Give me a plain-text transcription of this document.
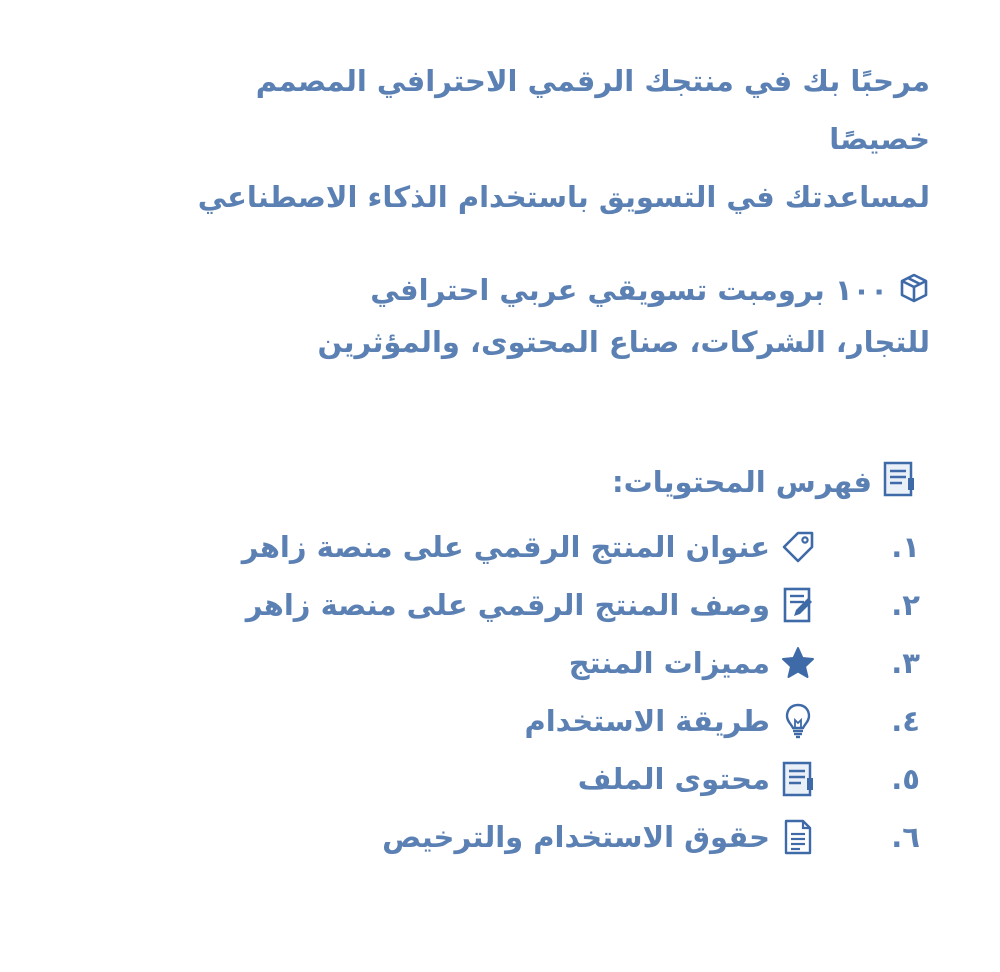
مرحبًا بك في منتجك الرقمي الاحترافي المصمم خصيصًا
لمساعدتك في التسويق باستخدام الذكاء الاصطناعي
١٠٠ برومبت تسويقي عربي احترافي
للتجار، الشركات، صناع المحتوى، والمؤثرين
فهرس المحتويات:
١.
عنوان المنتج الرقمي على منصة زاهر
٢.
وصف المنتج الرقمي على منصة زاهر
٣.
مميزات المنتج
٤.
طريقة الاستخدام
٥.
محتوى الملف
٦.
حقوق الاستخدام والترخيص
